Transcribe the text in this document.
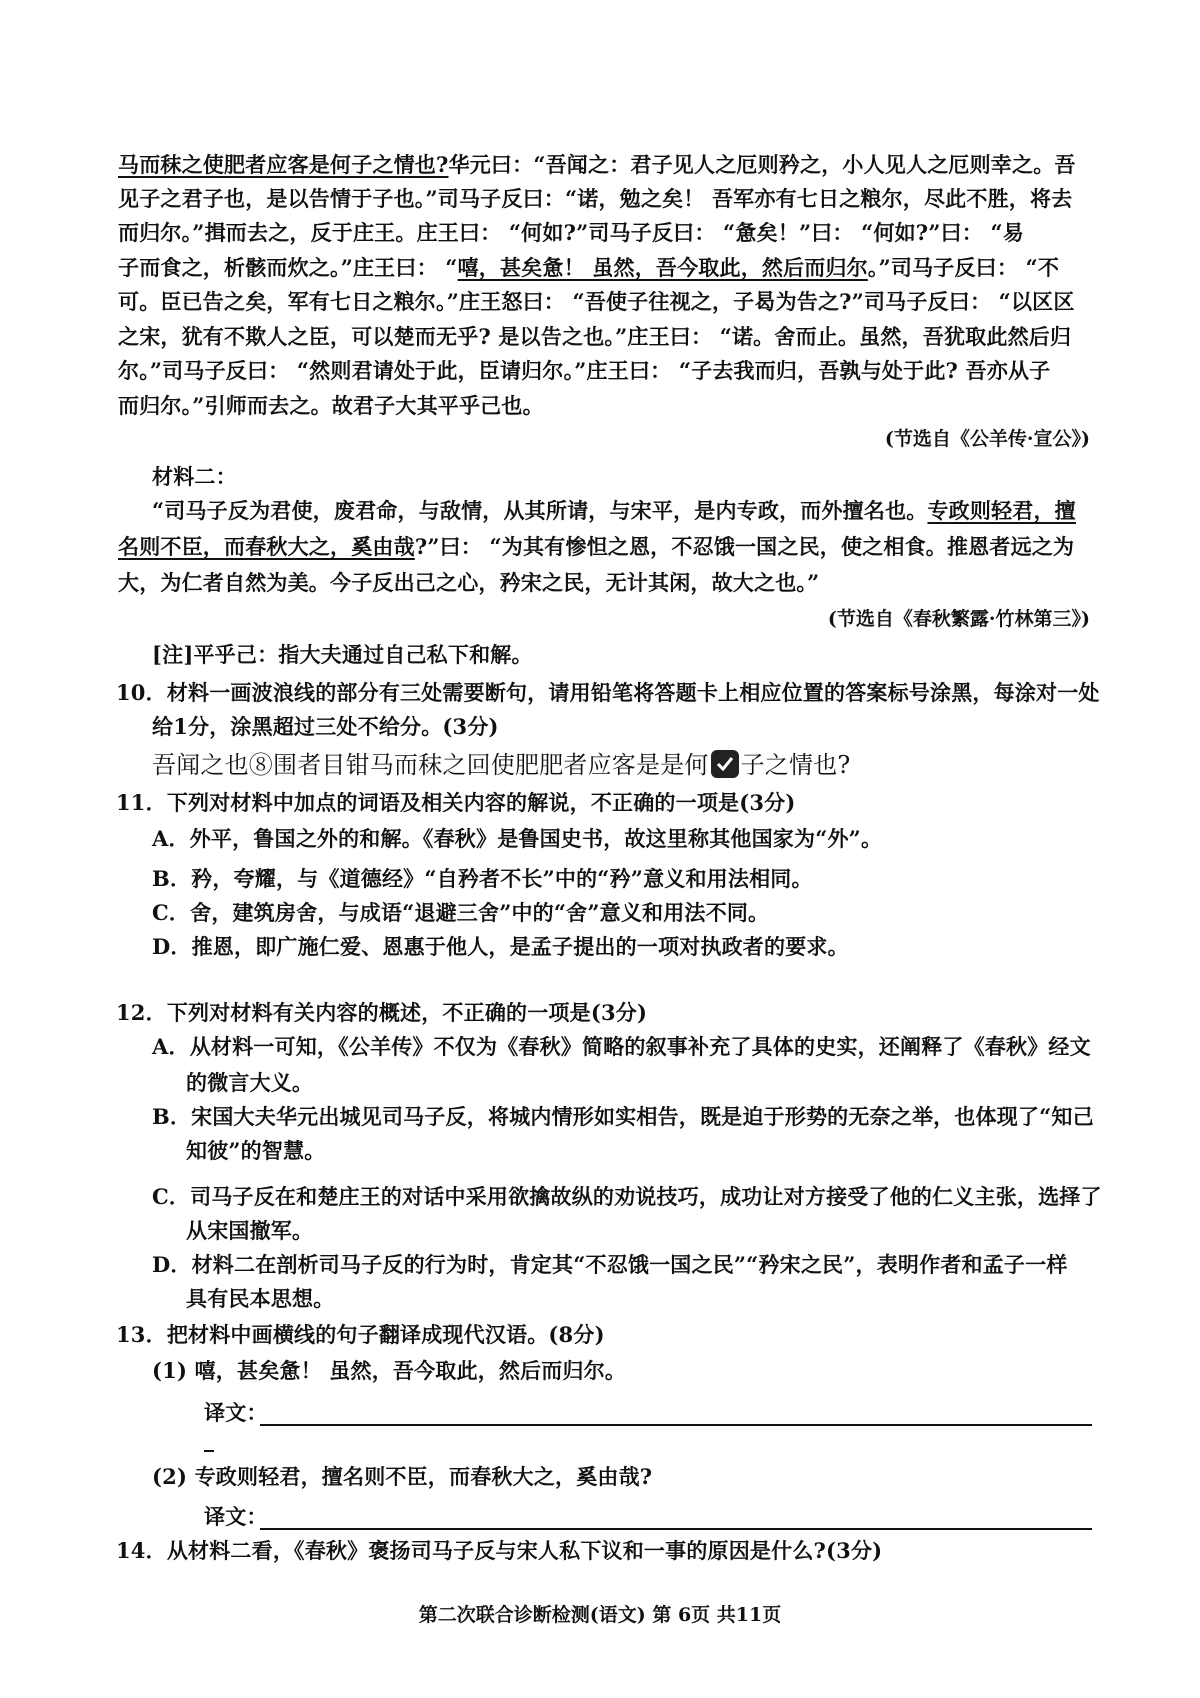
马而秣之使肥者应客是何子之情也?华元曰：“吾闻之：君子见人之厄则矜之，小人见人之厄则幸之。吾
见子之君子也，是以告情于子也。”司马子反曰：“诺，勉之矣！ 吾军亦有七日之粮尔，尽此不胜，将去
而归尔。”揖而去之，反于庄王。庄王曰： “何如?”司马子反曰： “惫矣！”曰： “何如?”曰： “易
子而食之，析骸而炊之。”庄王曰： “嘻，甚矣惫！ 虽然，吾今取此，然后而归尔。”司马子反曰： “不
可。臣已告之矣，军有七日之粮尔。”庄王怒曰： “吾使子往视之，子曷为告之?”司马子反曰： “以区区
之宋，犹有不欺人之臣，可以楚而无乎? 是以告之也。”庄王曰： “诺。舍而止。虽然，吾犹取此然后归
尔。”司马子反曰： “然则君请处于此，臣请归尔。”庄王曰： “子去我而归，吾孰与处于此? 吾亦从子
而归尔。”引师而去之。故君子大其平乎己也。
(节选自《公羊传·宣公》)
材料二：
“司马子反为君使，废君命，与敌情，从其所请，与宋平，是内专政，而外擅名也。专政则轻君，擅
名则不臣，而春秋大之，奚由哉?”曰： “为其有惨怛之恩，不忍饿一国之民，使之相食。推恩者远之为
大，为仁者自然为美。今子反出己之心，矜宋之民，无计其闲，故大之也。”
(节选自《春秋繁露·竹林第三》)
[注]平乎己：指大夫通过自己私下和解。
10．材料一画波浪线的部分有三处需要断句，请用铅笔将答题卡上相应位置的答案标号涂黑，每涂对一处
给1分，涂黑超过三处不给分。(3分)
吾闻之也⑧围者目钳马而秣之回使肥肥者应客是是何 子之情也?
11．下列对材料中加点的词语及相关内容的解说，不正确的一项是(3分)
A．外平，鲁国之外的和解。《春秋》是鲁国史书，故这里称其他国家为“外”。
B．矜，夸耀，与《道德经》“自矜者不长”中的“矜”意义和用法相同。
C．舍，建筑房舍，与成语“退避三舍”中的“舍”意义和用法不同。
D．推恩，即广施仁爱、恩惠于他人，是孟子提出的一项对执政者的要求。
12．下列对材料有关内容的概述，不正确的一项是(3分)
A．从材料一可知，《公羊传》不仅为《春秋》简略的叙事补充了具体的史实，还阐释了《春秋》经文
的微言大义。
B．宋国大夫华元出城见司马子反，将城内情形如实相告，既是迫于形势的无奈之举，也体现了“知己
知彼”的智慧。
C．司马子反在和楚庄王的对话中采用欲擒故纵的劝说技巧，成功让对方接受了他的仁义主张，选择了
从宋国撤军。
D．材料二在剖析司马子反的行为时，肯定其“不忍饿一国之民”“矜宋之民”，表明作者和孟子一样
具有民本思想。
13．把材料中画横线的句子翻译成现代汉语。(8分)
(1) 嘻，甚矣惫！ 虽然，吾今取此，然后而归尔。
译文：
(2) 专政则轻君，擅名则不臣，而春秋大之，奚由哉?
译文：
14．从材料二看，《春秋》褒扬司马子反与宋人私下议和一事的原因是什么?(3分)
第二次联合诊断检测(语文) 第 6页 共11页
